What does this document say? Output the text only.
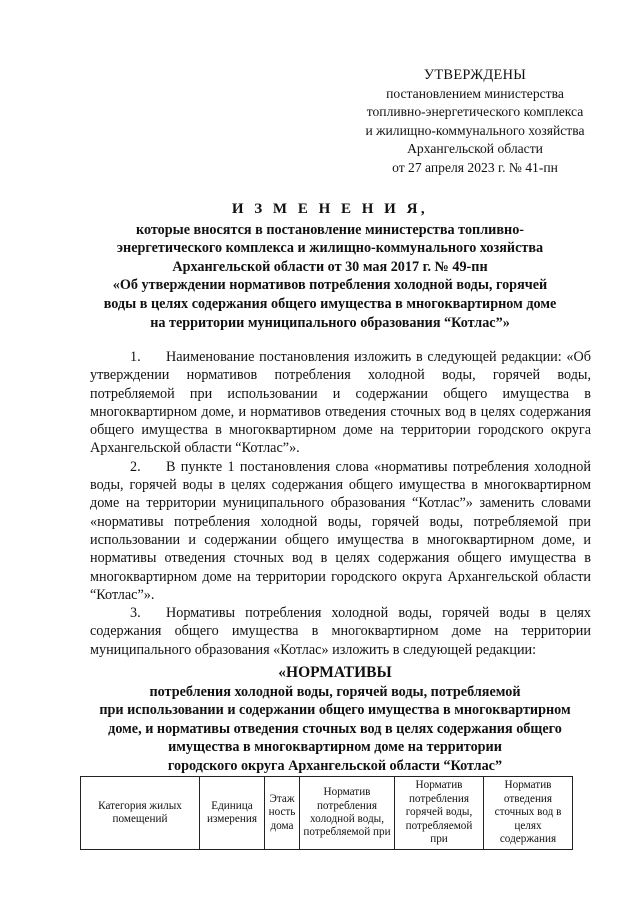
УТВЕРЖДЕНЫ
постановлением министерства
топливно-энергетического комплекса
и жилищно-коммунального хозяйства
Архангельской области
от 27 апреля 2023 г. № 41-пн
И З М Е Н Е Н И Я,
которые вносятся в постановление министерства топливно-
энергетического комплекса и жилищно-коммунального хозяйства
Архангельской области от 30 мая 2017 г. № 49-пн
«Об утверждении нормативов потребления холодной воды, горячей
воды в целях содержания общего имущества в многоквартирном доме
на территории муниципального образования “Котлас”»

1. Наименование постановления изложить в следующей редакции: «Об утверждении нормативов потребления холодной воды, горячей воды, потребляемой при использовании и содержании общего имущества в многоквартирном доме, и нормативов отведения сточных вод в целях содержания общего имущества в многоквартирном доме на территории городского округа Архангельской области “Котлас”».

2. В пункте 1 постановления слова «нормативы потребления холодной воды, горячей воды в целях содержания общего имущества в многоквартирном доме на территории муниципального образования “Котлас”» заменить словами «нормативы потребления холодной воды, горячей воды, потребляемой при использовании и содержании общего имущества в многоквартирном доме, и нормативы отведения сточных вод в целях содержания общего имущества в многоквартирном доме на территории городского округа Архангельской области “Котлас”».

3. Нормативы потребления холодной воды, горячей воды в целях содержания общего имущества в многоквартирном доме на территории муниципального образования «Котлас» изложить в следующей редакции:

«НОРМАТИВЫ
потребления холодной воды, горячей воды, потребляемой
при использовании и содержании общего имущества в многоквартирном
доме, и нормативы отведения сточных вод в целях содержания общего
имущества в многоквартирном доме на территории
городского округа Архангельской области “Котлас”
Категория жилых помещений	Единица измерения	Этаж ность дома	Норматив потребления холодной воды, потребляемой при	Норматив потребления горячей воды, потребляемой при	Норматив отведения сточных вод в целях содержания
